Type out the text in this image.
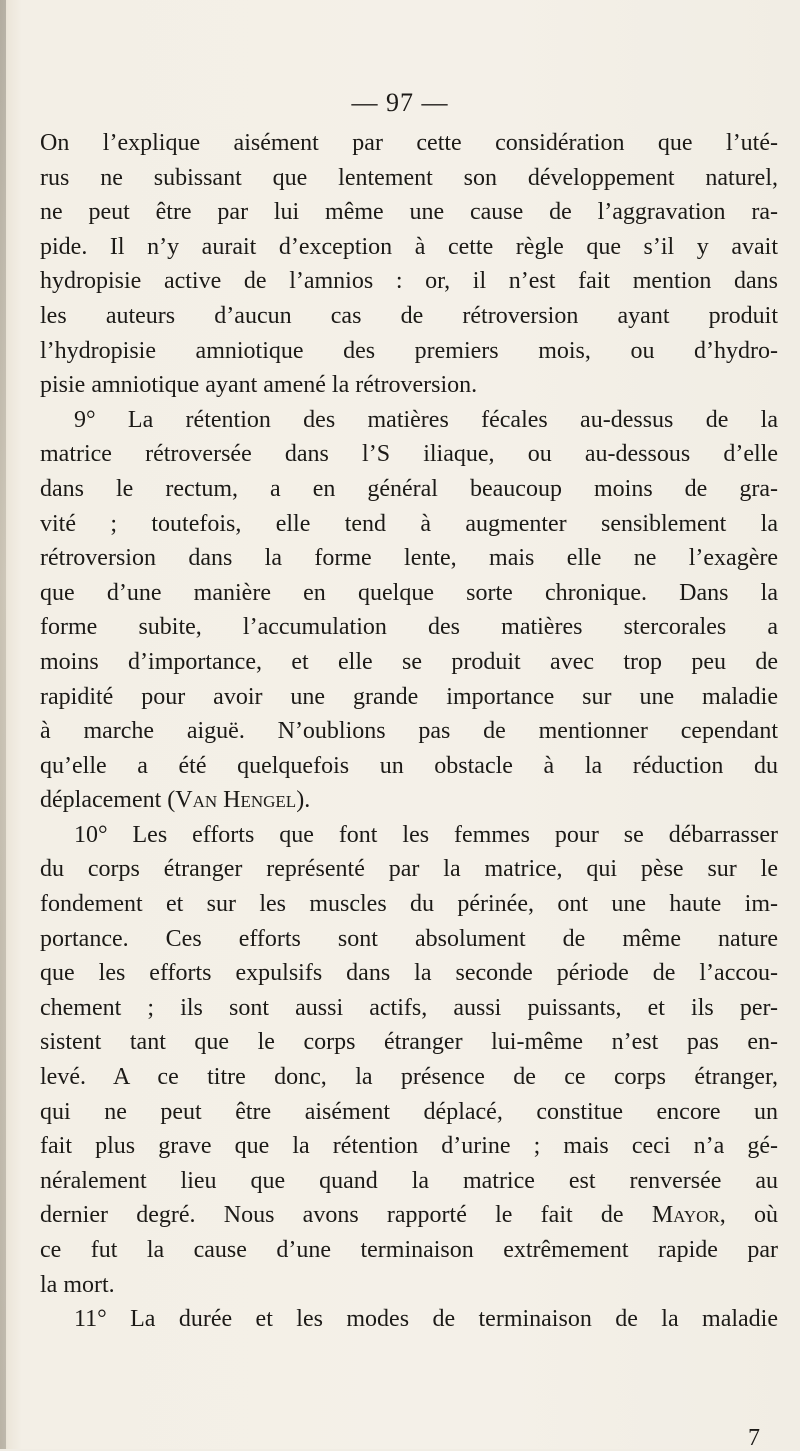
— 97 —
On l’explique aisément par cette considération que l’uté-
rus ne subissant que lentement son développement naturel,
ne peut être par lui même une cause de l’aggravation ra-
pide. Il n’y aurait d’exception à cette règle que s’il y avait
hydropisie active de l’amnios : or, il n’est fait mention dans
les auteurs d’aucun cas de rétroversion ayant produit
l’hydropisie amniotique des premiers mois, ou d’hydro-
pisie amniotique ayant amené la rétroversion.
9° La rétention des matières fécales au-dessus de la
matrice rétroversée dans l’S iliaque, ou au-dessous d’elle
dans le rectum, a en général beaucoup moins de gra-
vité ; toutefois, elle tend à augmenter sensiblement la
rétroversion dans la forme lente, mais elle ne l’exagère
que d’une manière en quelque sorte chronique. Dans la
forme subite, l’accumulation des matières stercorales a
moins d’importance, et elle se produit avec trop peu de
rapidité pour avoir une grande importance sur une maladie
à marche aiguë. N’oublions pas de mentionner cependant
qu’elle a été quelquefois un obstacle à la réduction du
déplacement (Van Hengel).
10° Les efforts que font les femmes pour se débarrasser
du corps étranger représenté par la matrice, qui pèse sur le
fondement et sur les muscles du périnée, ont une haute im-
portance. Ces efforts sont absolument de même nature
que les efforts expulsifs dans la seconde période de l’accou-
chement ; ils sont aussi actifs, aussi puissants, et ils per-
sistent tant que le corps étranger lui-même n’est pas en-
levé. A ce titre donc, la présence de ce corps étranger,
qui ne peut être aisément déplacé, constitue encore un
fait plus grave que la rétention d’urine ; mais ceci n’a gé-
néralement lieu que quand la matrice est renversée au
dernier degré. Nous avons rapporté le fait de Mayor, où
ce fut la cause d’une terminaison extrêmement rapide par
la mort.
11° La durée et les modes de terminaison de la maladie
7
